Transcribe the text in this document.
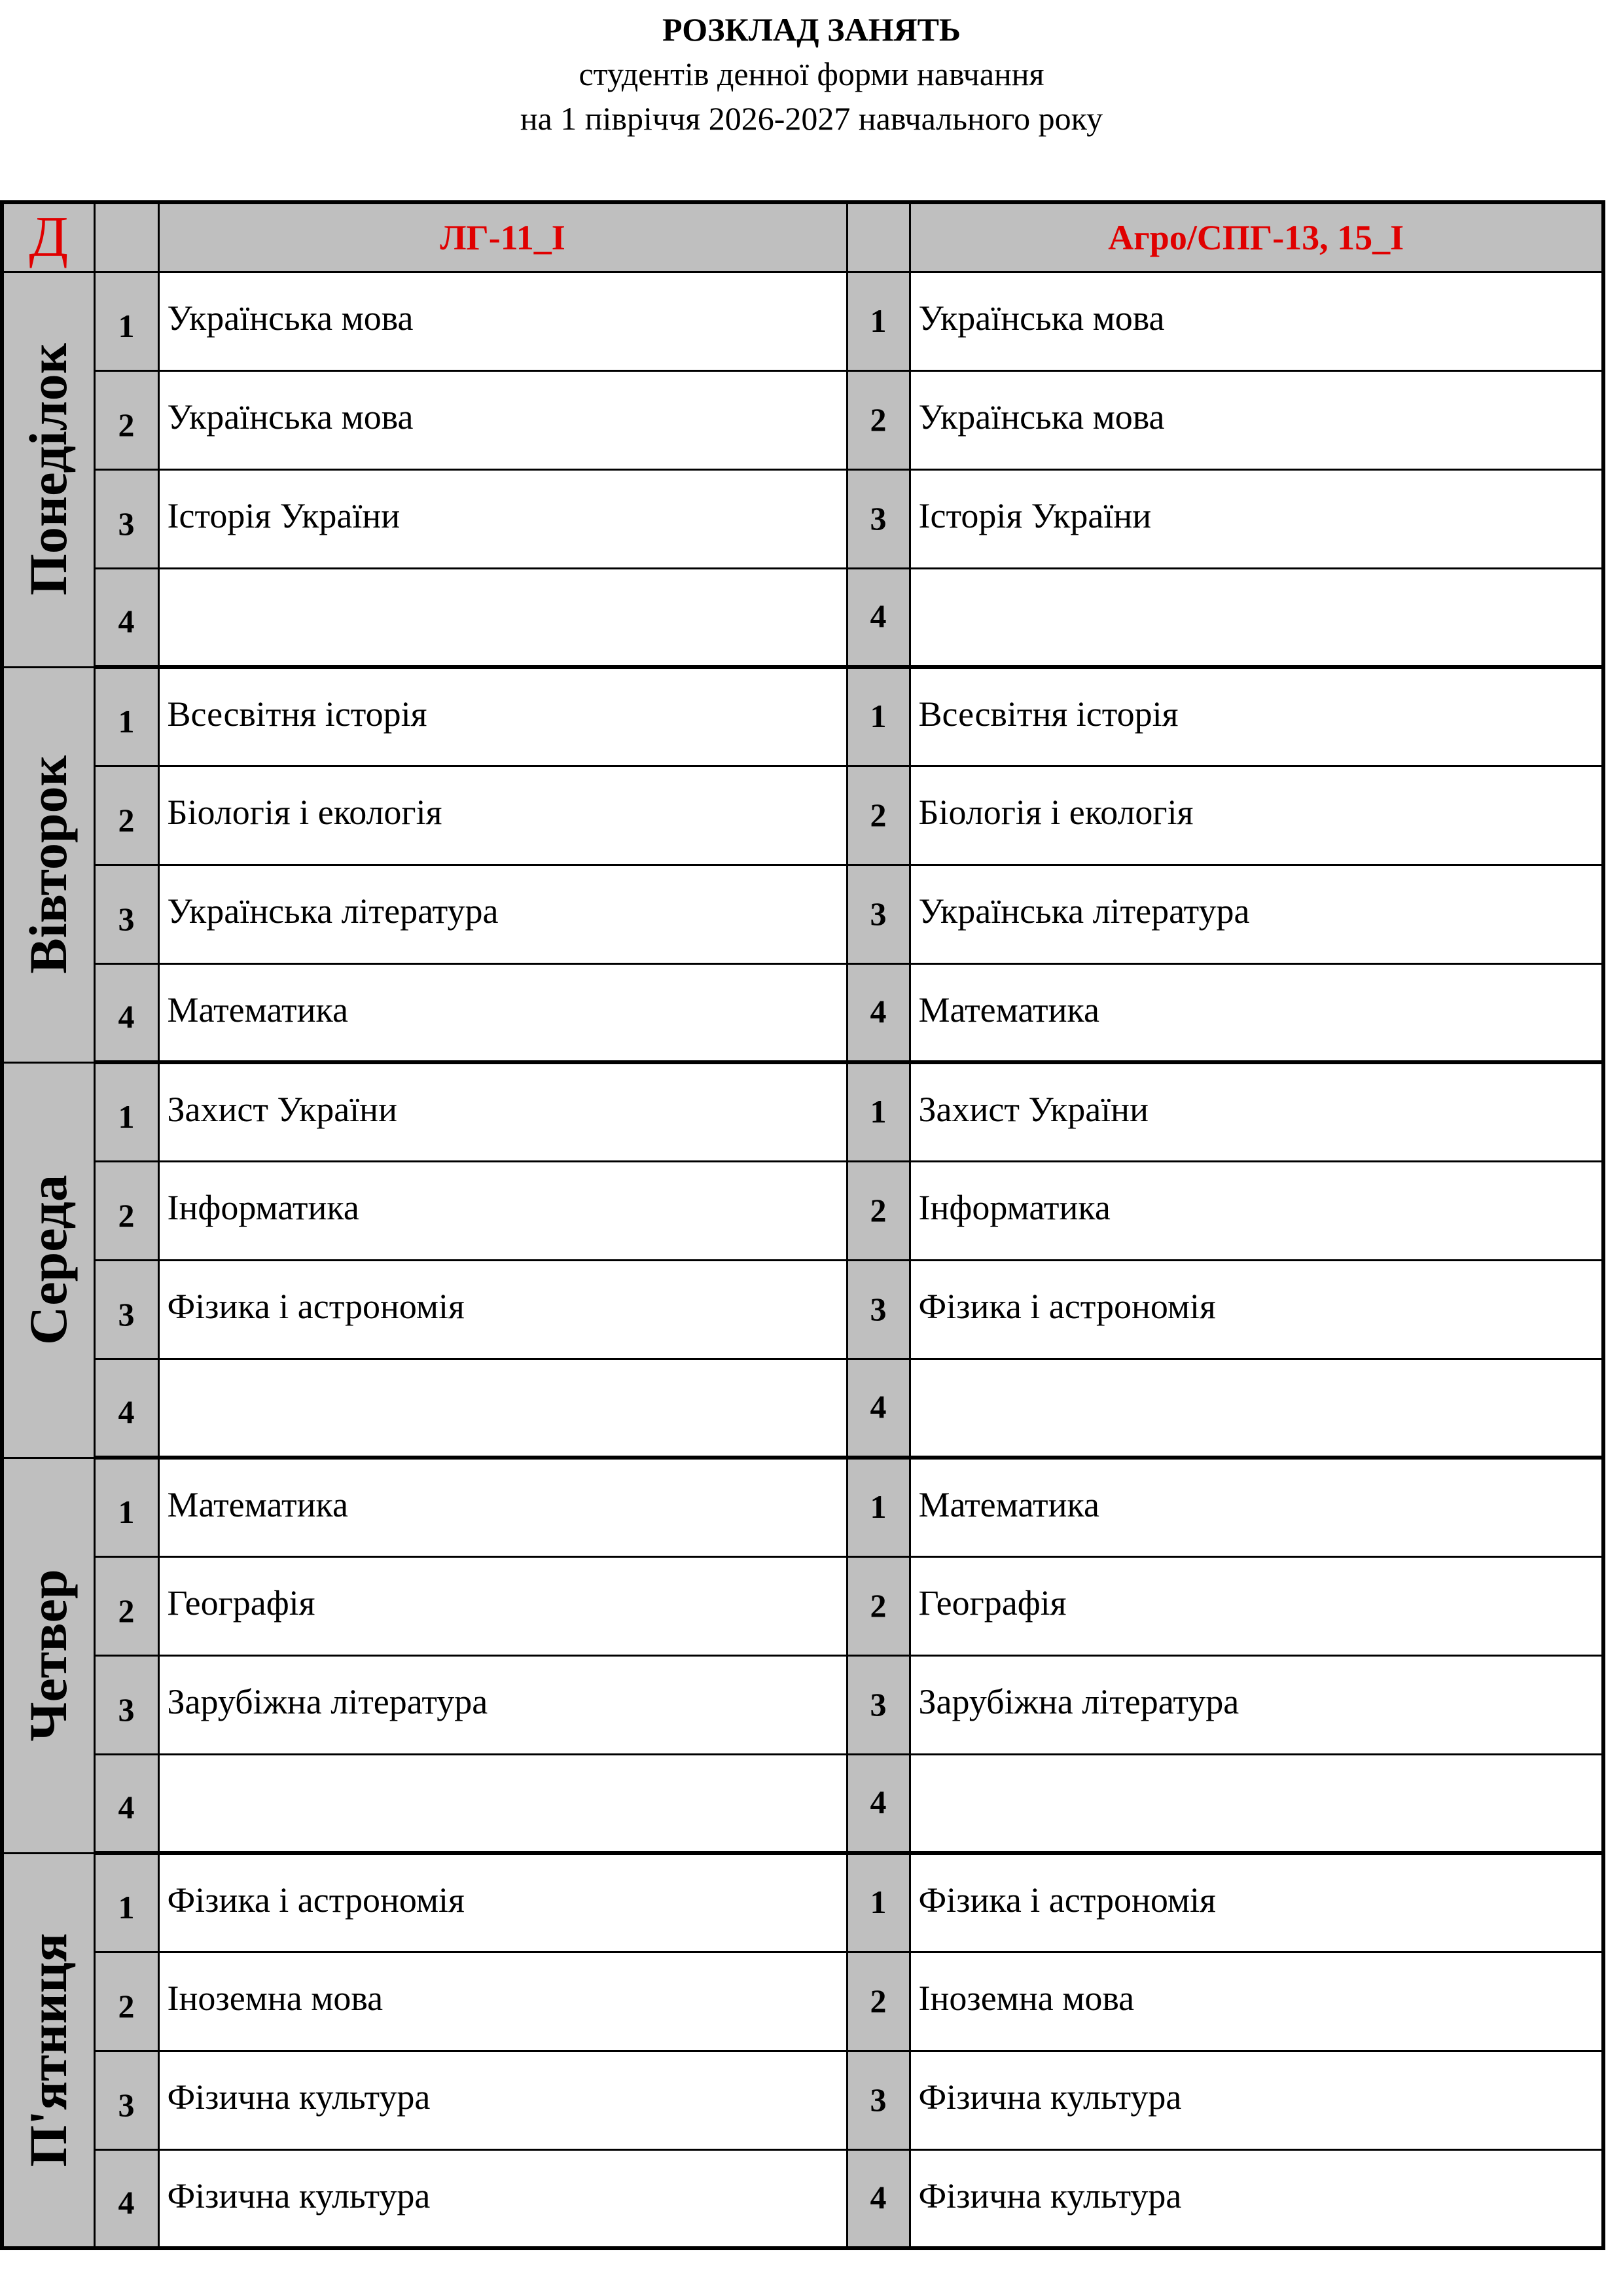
РОЗКЛАД ЗАНЯТЬ
студентів денної форми навчання
на 1 півріччя 2026-2027 навчального року
Д		ЛГ-11_І		Агро/СПГ-13, 15_І

Понеділок	1	Українська мова	1	Українська мова

	2	Українська мова	2	Українська мова

	3	Історія України	3	Історія України

	4		4	

Вівторок	1	Всесвітня історія	1	Всесвітня історія

	2	Біологія і екологія	2	Біологія і екологія

	3	Українська література	3	Українська література

	4	Математика	4	Математика

Середа	1	Захист України	1	Захист України

	2	Інформатика	2	Інформатика

	3	Фізика і астрономія	3	Фізика і астрономія

	4		4	

Четвер	1	Математика	1	Математика

	2	Географія	2	Географія

	3	Зарубіжна література	3	Зарубіжна література

	4		4	

П'ятниця	1	Фізика і астрономія	1	Фізика і астрономія

	2	Іноземна мова	2	Іноземна мова

	3	Фізична культура	3	Фізична культура

	4	Фізична культура	4	Фізична культура
